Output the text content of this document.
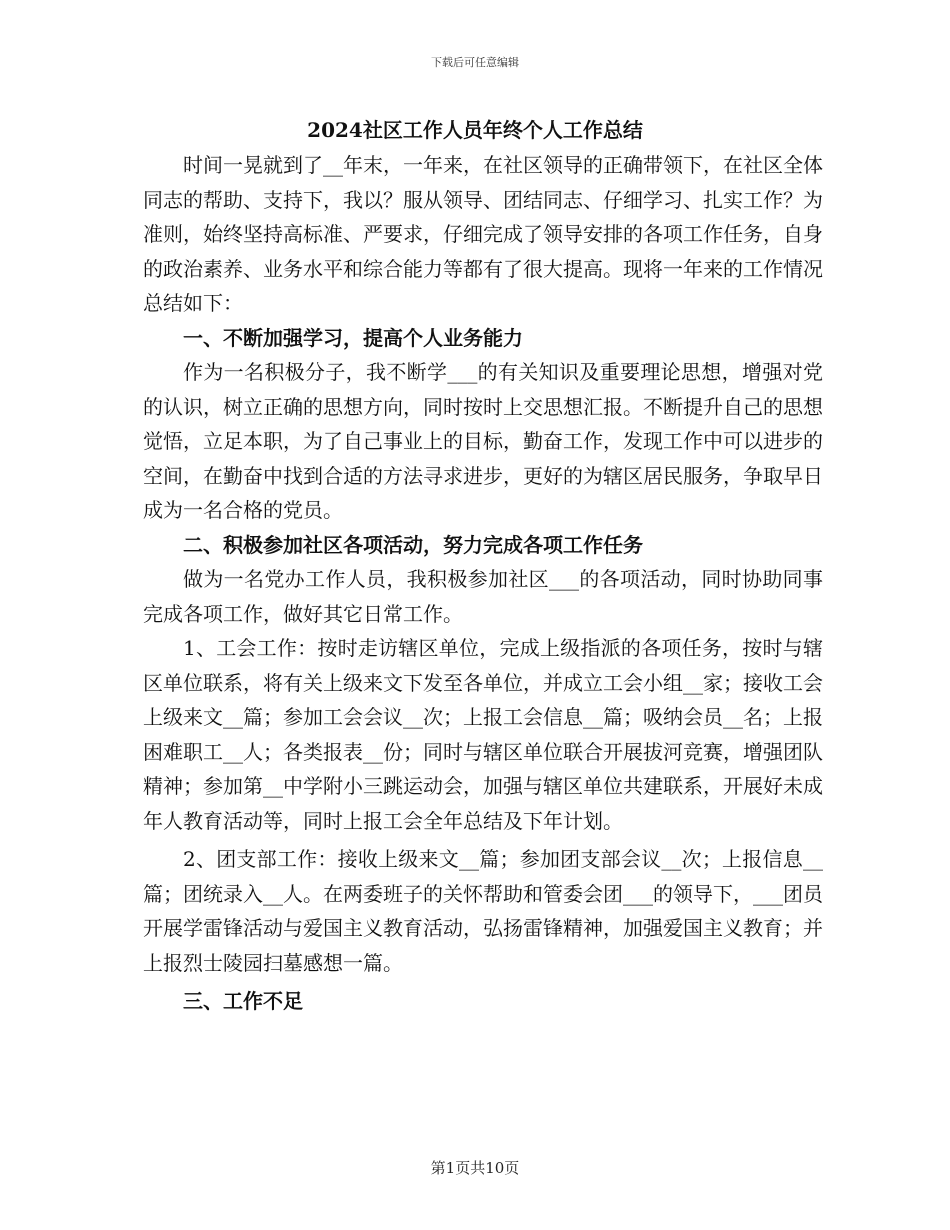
下载后可任意编辑
2024社区工作人员年终个人工作总结

时间一晃就到了__年末，一年来，在社区领导的正确带领下，在社区全体同志的帮助、支持下，我以？服从领导、团结同志、仔细学习、扎实工作？为准则，始终坚持高标准、严要求，仔细完成了领导安排的各项工作任务，自身的政治素养、业务水平和综合能力等都有了很大提高。现将一年来的工作情况总结如下：

一、不断加强学习，提高个人业务能力

作为一名积极分子，我不断学___的有关知识及重要理论思想，增强对党的认识，树立正确的思想方向，同时按时上交思想汇报。不断提升自己的思想觉悟，立足本职，为了自己事业上的目标，勤奋工作，发现工作中可以进步的空间，在勤奋中找到合适的方法寻求进步，更好的为辖区居民服务，争取早日成为一名合格的党员。

二、积极参加社区各项活动，努力完成各项工作任务

做为一名党办工作人员，我积极参加社区___的各项活动，同时协助同事完成各项工作，做好其它日常工作。

1、工会工作：按时走访辖区单位，完成上级指派的各项任务，按时与辖区单位联系，将有关上级来文下发至各单位，并成立工会小组__家；接收工会上级来文__篇；参加工会会议__次；上报工会信息__篇；吸纳会员__名；上报困难职工__人；各类报表__份；同时与辖区单位联合开展拔河竞赛，增强团队精神；参加第__中学附小三跳运动会，加强与辖区单位共建联系，开展好未成年人教育活动等，同时上报工会全年总结及下年计划。

2、团支部工作：接收上级来文__篇；参加团支部会议__次；上报信息__篇；团统录入__人。在两委班子的关怀帮助和管委会团___的领导下，___团员开展学雷锋活动与爱国主义教育活动，弘扬雷锋精神，加强爱国主义教育；并上报烈士陵园扫墓感想一篇。

三、工作不足

第1页共10页
